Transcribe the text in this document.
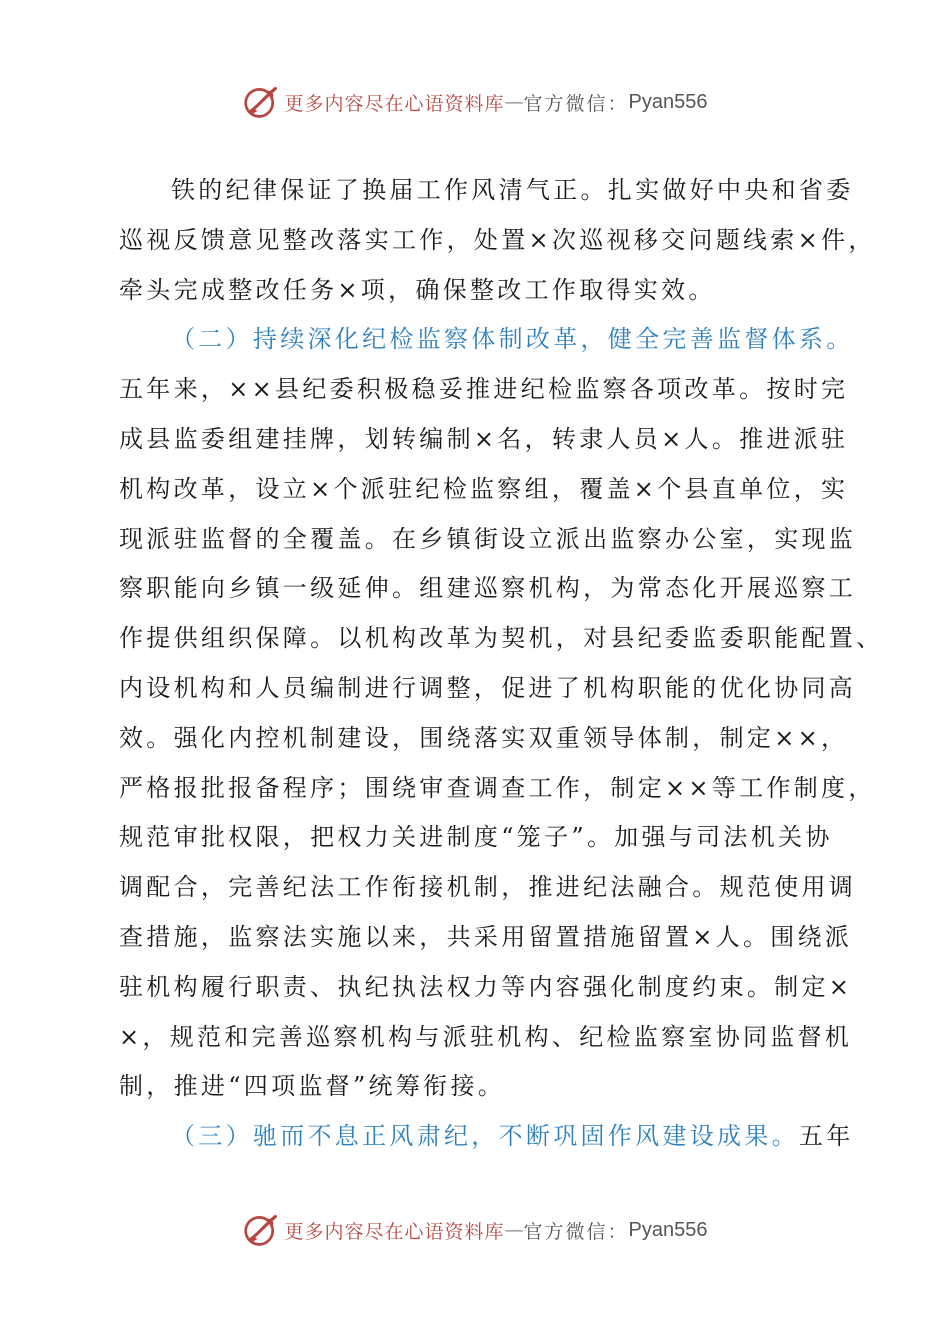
更多内容尽在心语资料库 — 官方微信： Pyan556
铁的纪律保证了换届工作风清气正。扎实做好中央和省委
巡视反馈意见整改落实工作，处置×次巡视移交问题线索×件，
牵头完成整改任务×项，确保整改工作取得实效。
（二）持续深化纪检监察体制改革，健全完善监督体系。
五年来，××县纪委积极稳妥推进纪检监察各项改革。按时完
成县监委组建挂牌，划转编制×名，转隶人员×人。推进派驻
机构改革，设立×个派驻纪检监察组，覆盖×个县直单位，实
现派驻监督的全覆盖。在乡镇街设立派出监察办公室，实现监
察职能向乡镇一级延伸。组建巡察机构，为常态化开展巡察工
作提供组织保障。以机构改革为契机，对县纪委监委职能配置、
内设机构和人员编制进行调整，促进了机构职能的优化协同高
效。强化内控机制建设，围绕落实双重领导体制，制定××，
严格报批报备程序；围绕审查调查工作，制定××等工作制度，
规范审批权限，把权力关进制度“笼子”。加强与司法机关协
调配合，完善纪法工作衔接机制，推进纪法融合。规范使用调
查措施，监察法实施以来，共采用留置措施留置×人。围绕派
驻机构履行职责、执纪执法权力等内容强化制度约束。制定×
×，规范和完善巡察机构与派驻机构、纪检监察室协同监督机
制，推进“四项监督”统筹衔接。
（三）驰而不息正风肃纪，不断巩固作风建设成果。五年
更多内容尽在心语资料库 — 官方微信： Pyan556
